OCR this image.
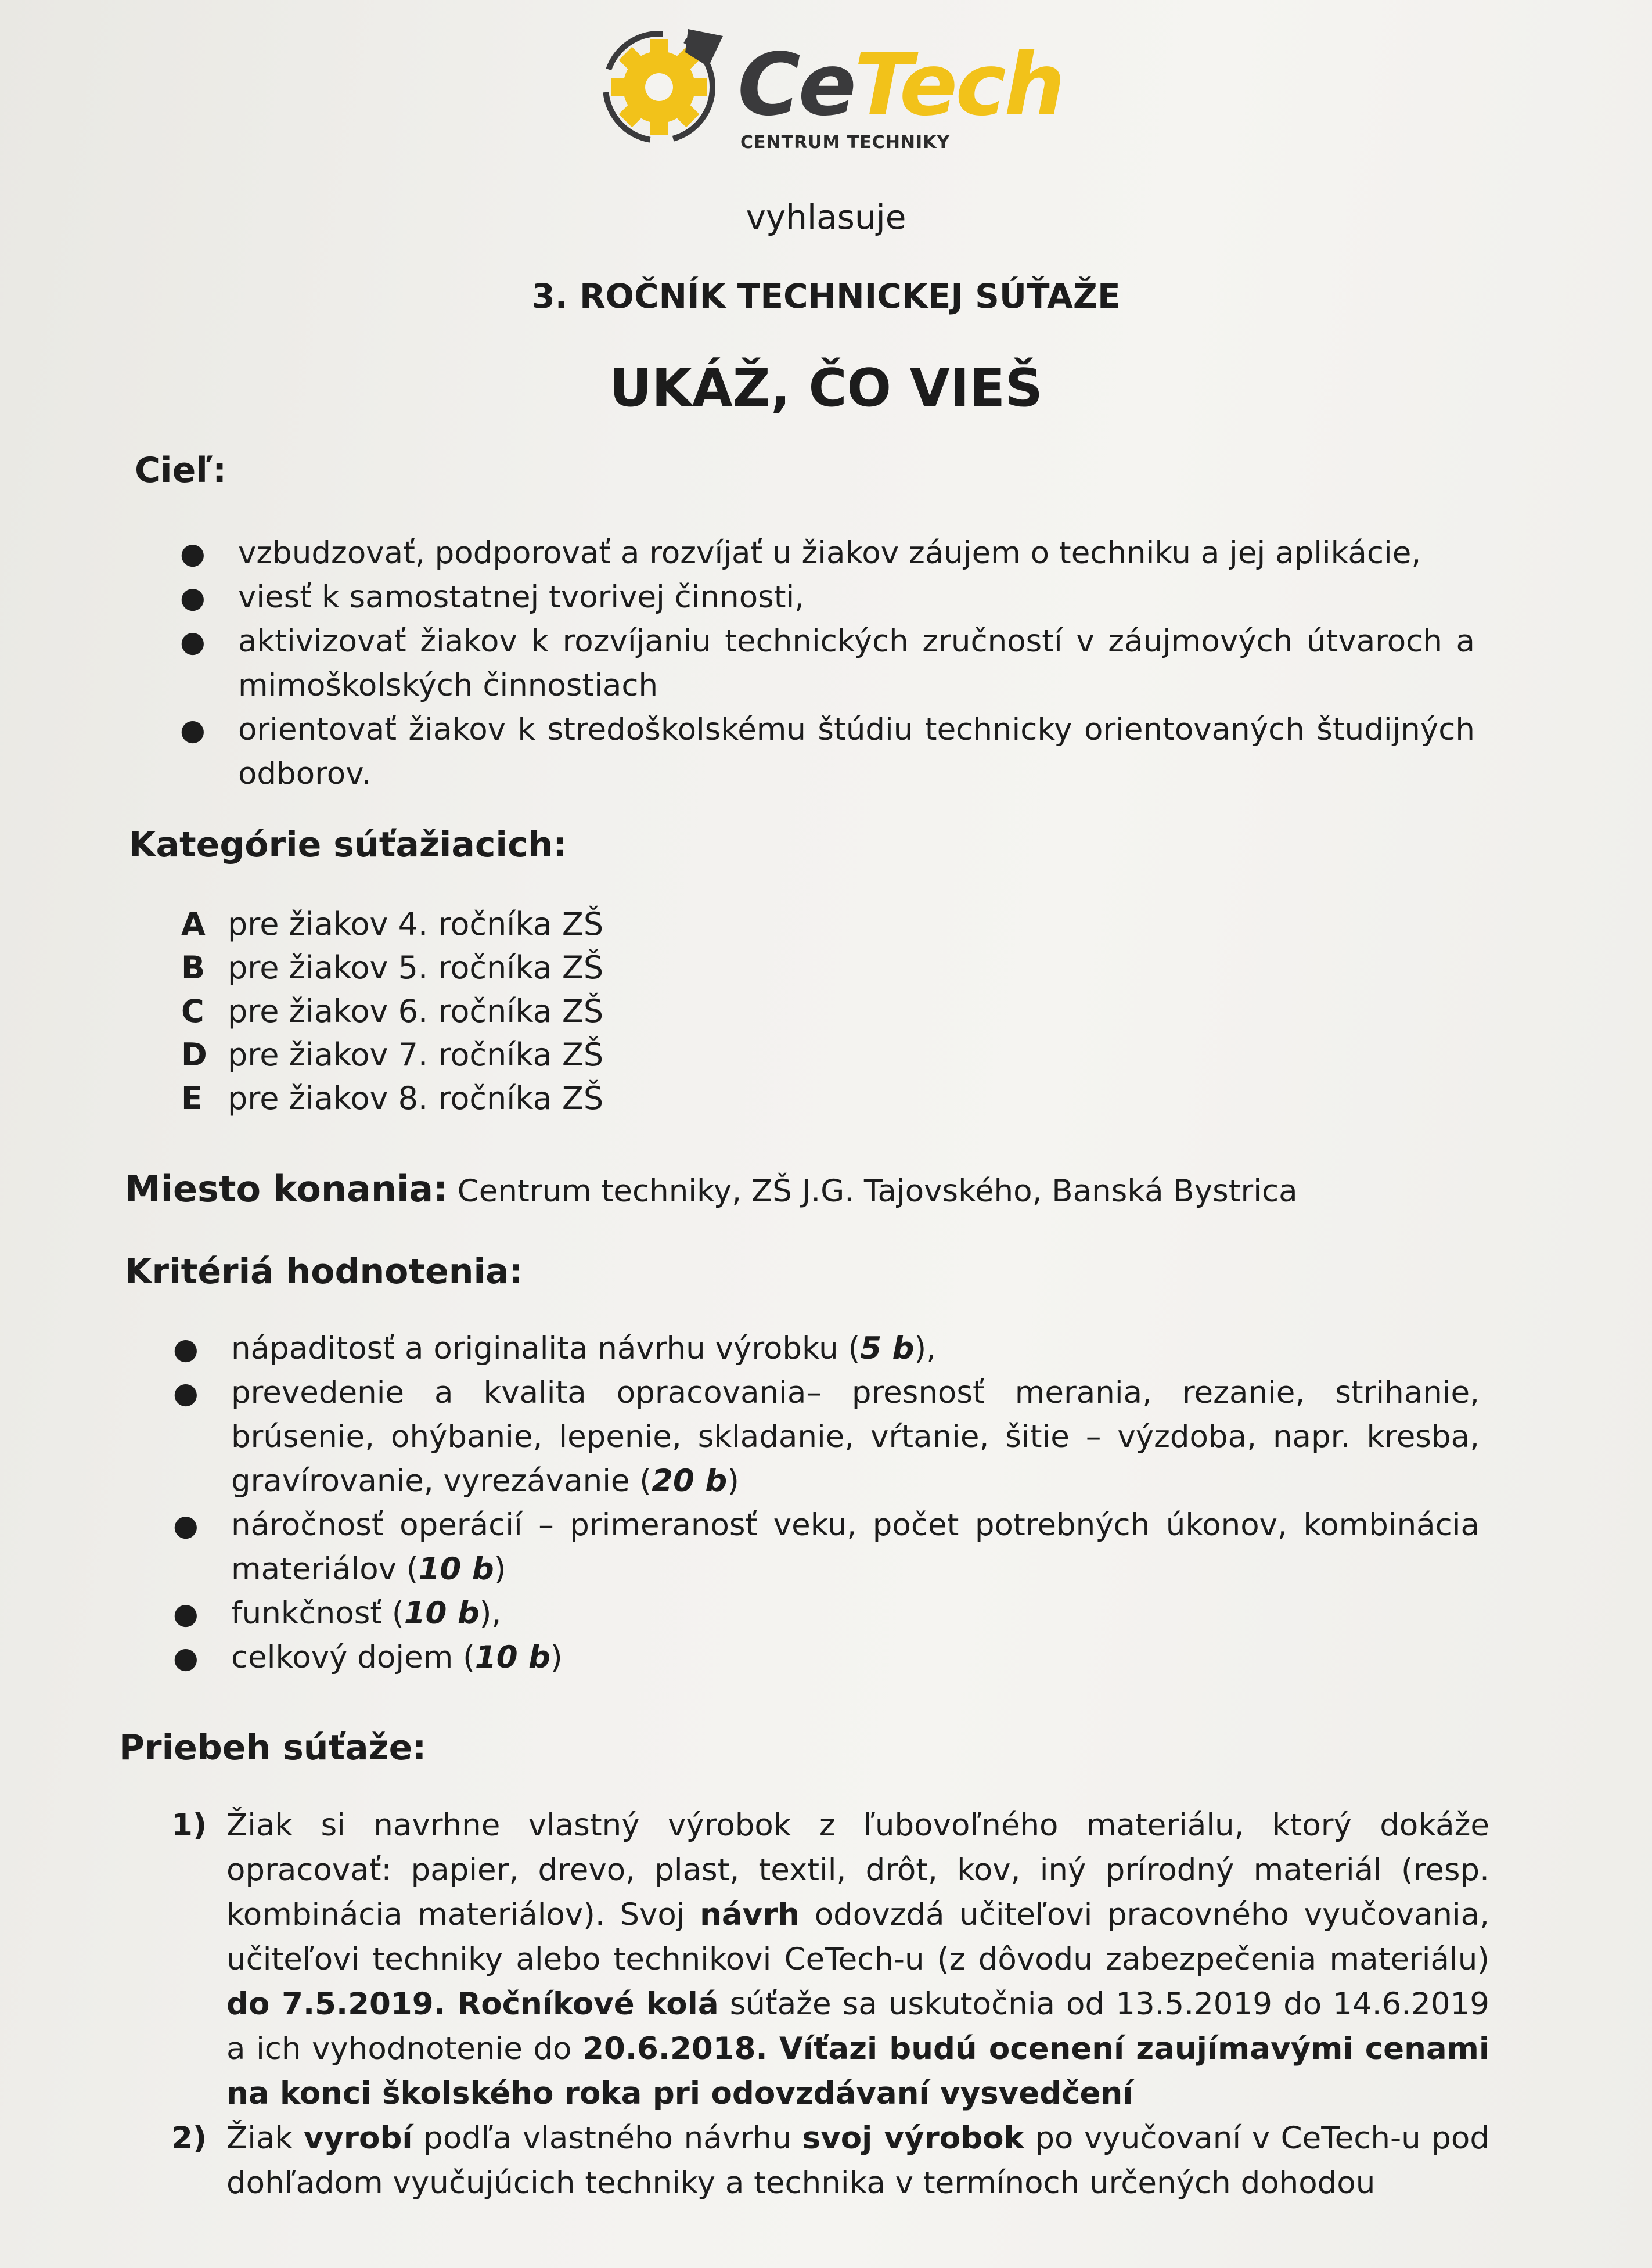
CeTech
CENTRUM TECHNIKY
vyhlasuje
3. ROČNÍK TECHNICKEJ SÚŤAŽE
UKÁŽ, ČO VIEŠ
Cieľ:
● vzbudzovať, podporovať a rozvíjať u žiakov záujem o techniku a jej aplikácie,
● viesť k samostatnej tvorivej činnosti,
● aktivizovať žiakov k rozvíjaniu technických zručností v záujmových útvaroch a mimoškolských činnostiach
● orientovať žiakov k stredoškolskému štúdiu technicky orientovaných študijných odborov.
Kategórie súťažiacich:
A pre žiakov 4. ročníka ZŠ
B pre žiakov 5. ročníka ZŠ
C pre žiakov 6. ročníka ZŠ
D pre žiakov 7. ročníka ZŠ
E pre žiakov 8. ročníka ZŠ
Miesto konania: Centrum techniky, ZŠ J.G. Tajovského, Banská Bystrica
Kritériá hodnotenia:
● nápaditosť a originalita návrhu výrobku (5 b),
● prevedenie a kvalita opracovania– presnosť merania, rezanie, strihanie, brúsenie, ohýbanie, lepenie, skladanie, vŕtanie, šitie – výzdoba, napr. kresba, gravírovanie, vyrezávanie (20 b)
● náročnosť operácií – primeranosť veku, počet potrebných úkonov, kombinácia materiálov (10 b)
● funkčnosť (10 b),
● celkový dojem (10 b)
Priebeh súťaže:
1) Žiak si navrhne vlastný výrobok z ľubovoľného materiálu, ktorý dokáže opracovať: papier, drevo, plast, textil, drôt, kov, iný prírodný materiál (resp. kombinácia materiálov). Svoj návrh odovzdá učiteľovi pracovného vyučovania, učiteľovi techniky alebo technikovi CeTech-u (z dôvodu zabezpečenia materiálu) do 7.5.2019. Ročníkové kolá súťaže sa uskutočnia od 13.5.2019 do 14.6.2019 a ich vyhodnotenie do 20.6.2018. Víťazi budú ocenení zaujímavými cenami na konci školského roka pri odovzdávaní vysvedčení
2) Žiak vyrobí podľa vlastného návrhu svoj výrobok po vyučovaní v CeTech-u pod dohľadom vyučujúcich techniky a technika v termínoch určených dohodou
